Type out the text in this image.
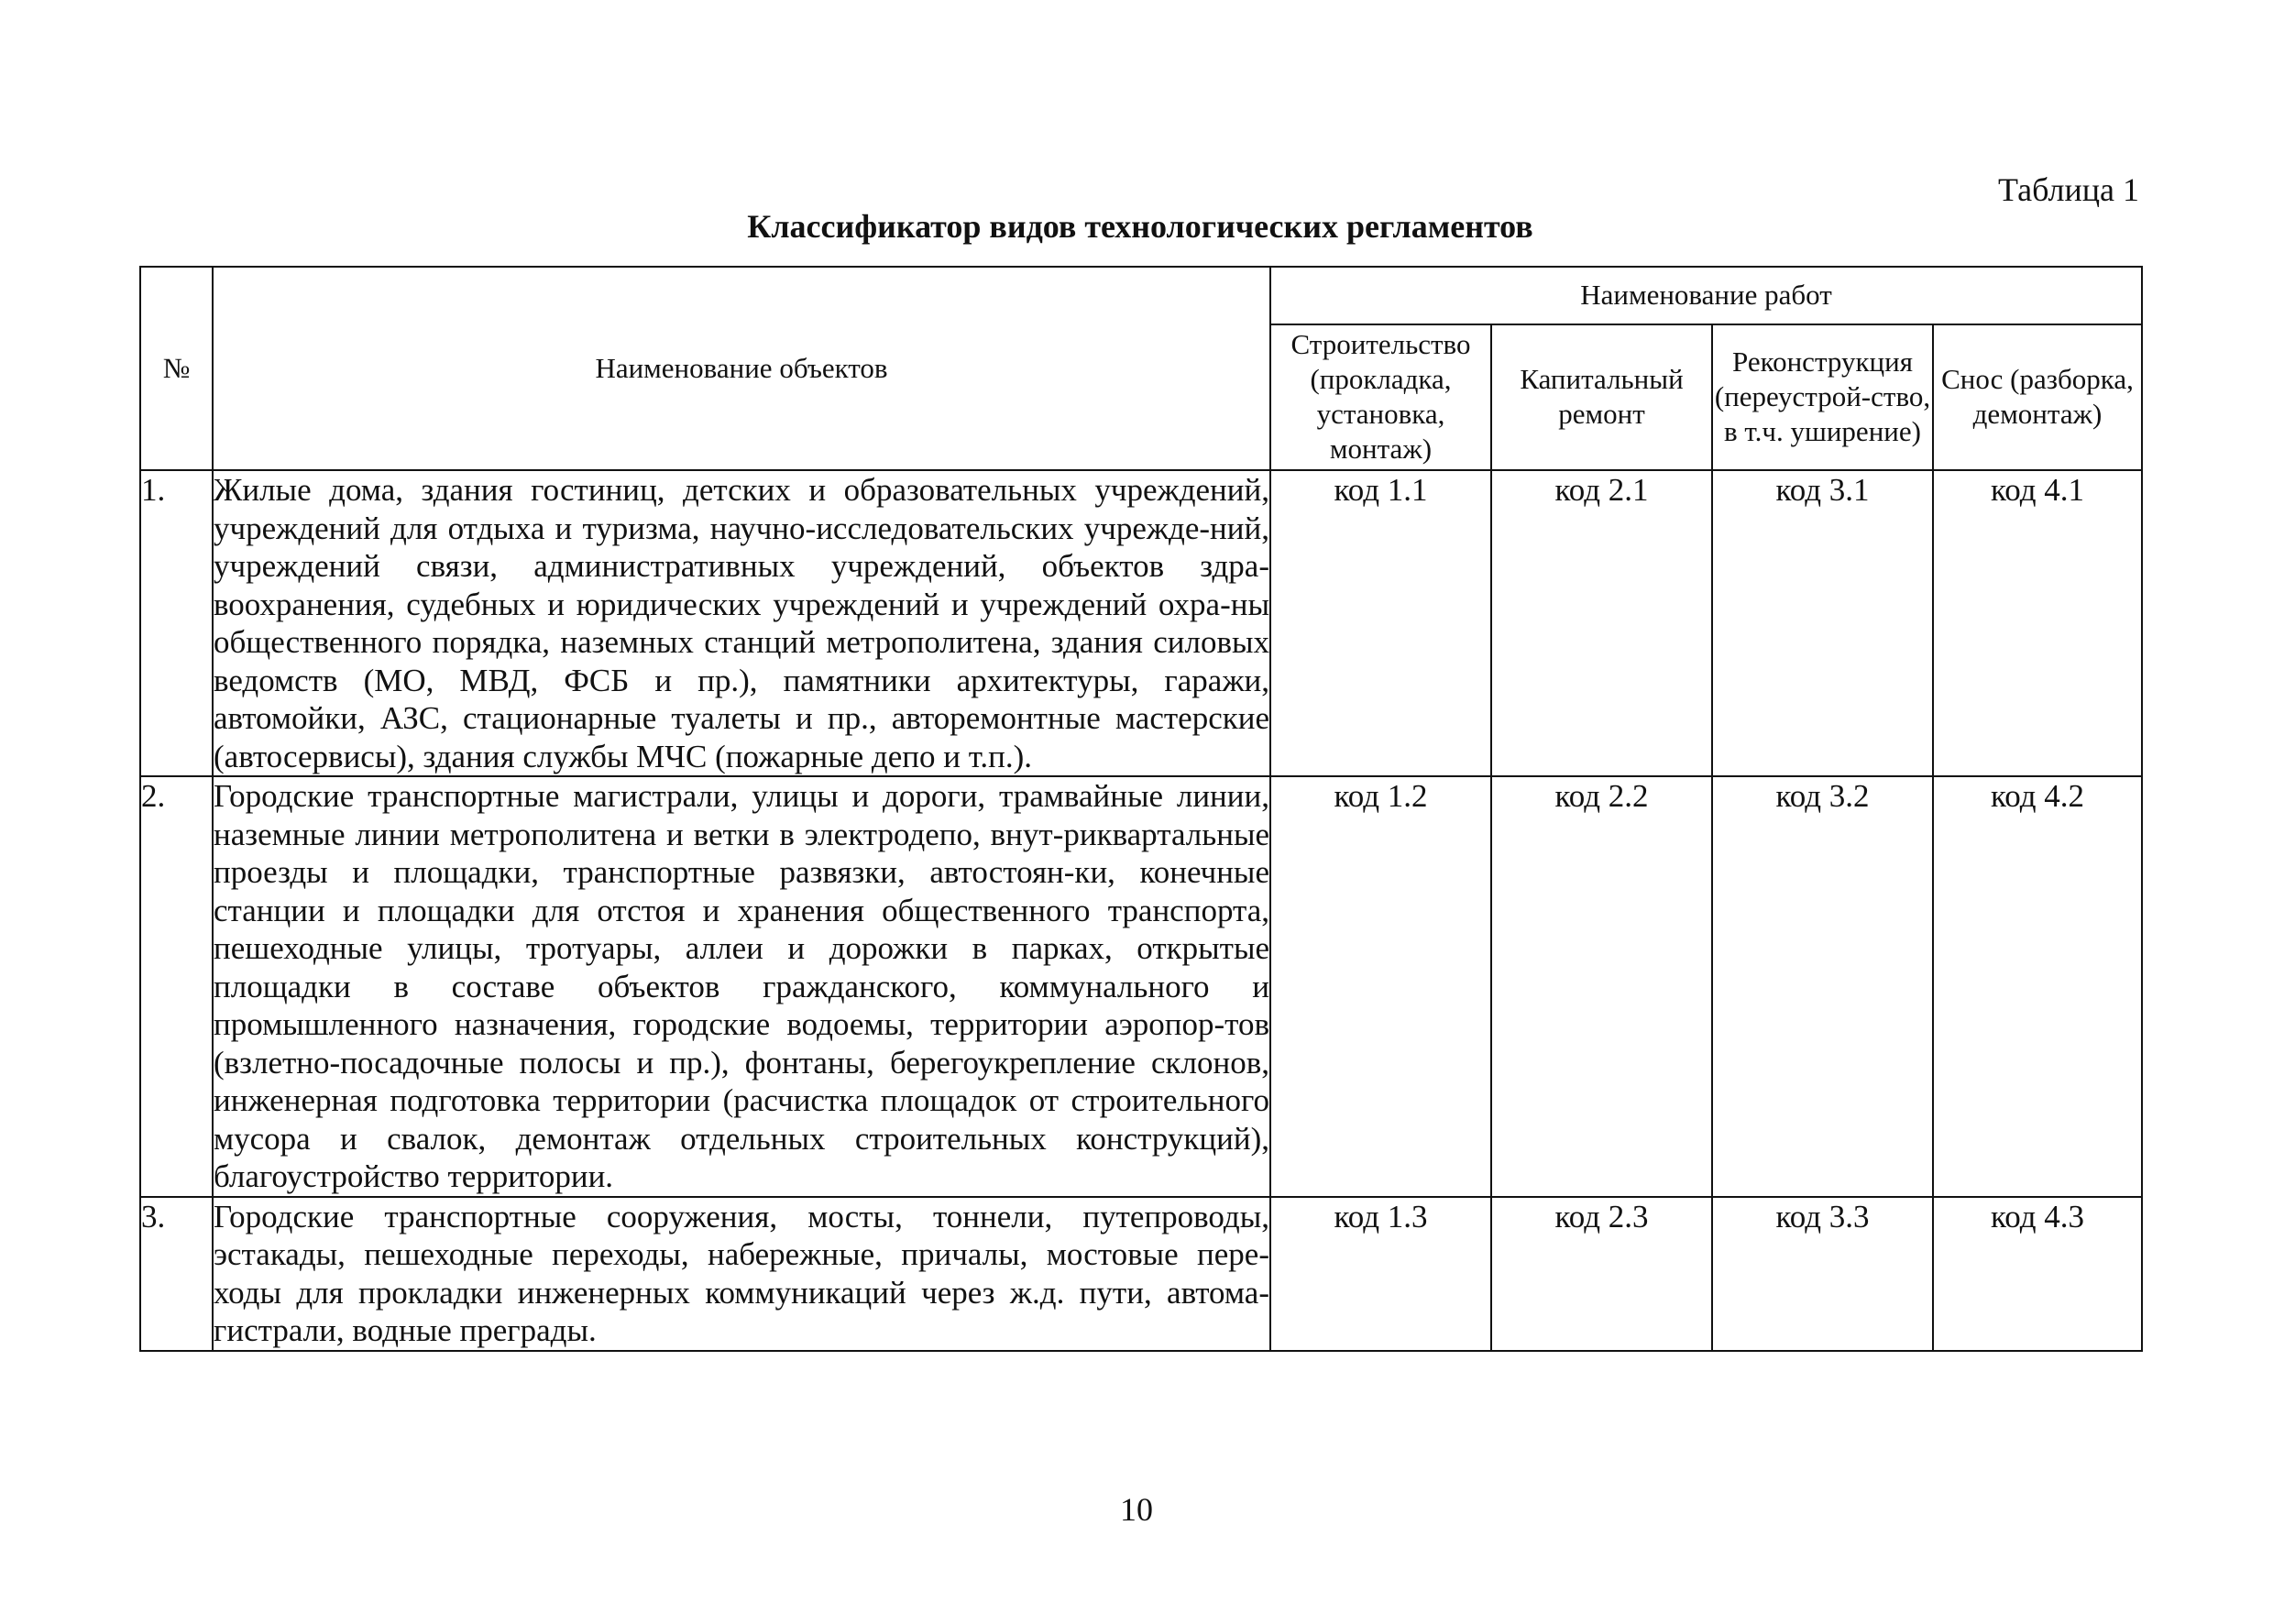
Таблица 1
Классификатор видов технологических регламентов
№	Наименование объектов	Наименование работ			
		Строительство (прокладка, установка, монтаж)	Капитальный ремонт	Реконструкция (переустрой-ство, в т.ч. уширение)	Снос (разборка, демонтаж)
1.	Жилые дома, здания гостиниц, детских и образовательных учреждений, учреждений для отдыха и туризма, научно-исследовательских учрежде-ний, учреждений связи, административных учреждений, объектов здра-воохранения, судебных и юридических учреждений и учреждений охра-ны общественного порядка, наземных станций метрополитена, здания силовых ведомств (МО, МВД, ФСБ и пр.), памятники архитектуры, гаражи, автомойки, АЗС, стационарные туалеты и пр., авторемонтные мастерские (автосервисы), здания службы МЧС (пожарные депо и т.п.).	код 1.1	код 2.1	код 3.1	код 4.1
2.	Городские транспортные магистрали, улицы и дороги, трамвайные линии, наземные линии метрополитена и ветки в электродепо, внут-риквартальные проезды и площадки, транспортные развязки, автостоян-ки, конечные станции и площадки для отстоя и хранения общественного транспорта, пешеходные улицы, тротуары, аллеи и дорожки в парках, открытые площадки в составе объектов гражданского, коммунального и промышленного назначения, городские водоемы, территории аэропор-тов (взлетно-посадочные полосы и пр.), фонтаны, берегоукрепление склонов, инженерная подготовка территории (расчистка площадок от строительного мусора и свалок, демонтаж отдельных строительных конструкций), благоустройство территории.	код 1.2	код 2.2	код 3.2	код 4.2
3.	Городские транспортные сооружения, мосты, тоннели, путепроводы, эстакады, пешеходные переходы, набережные, причалы, мостовые пере-ходы для прокладки инженерных коммуникаций через ж.д. пути, автома-гистрали, водные преграды.	код 1.3	код 2.3	код 3.3	код 4.3
10
